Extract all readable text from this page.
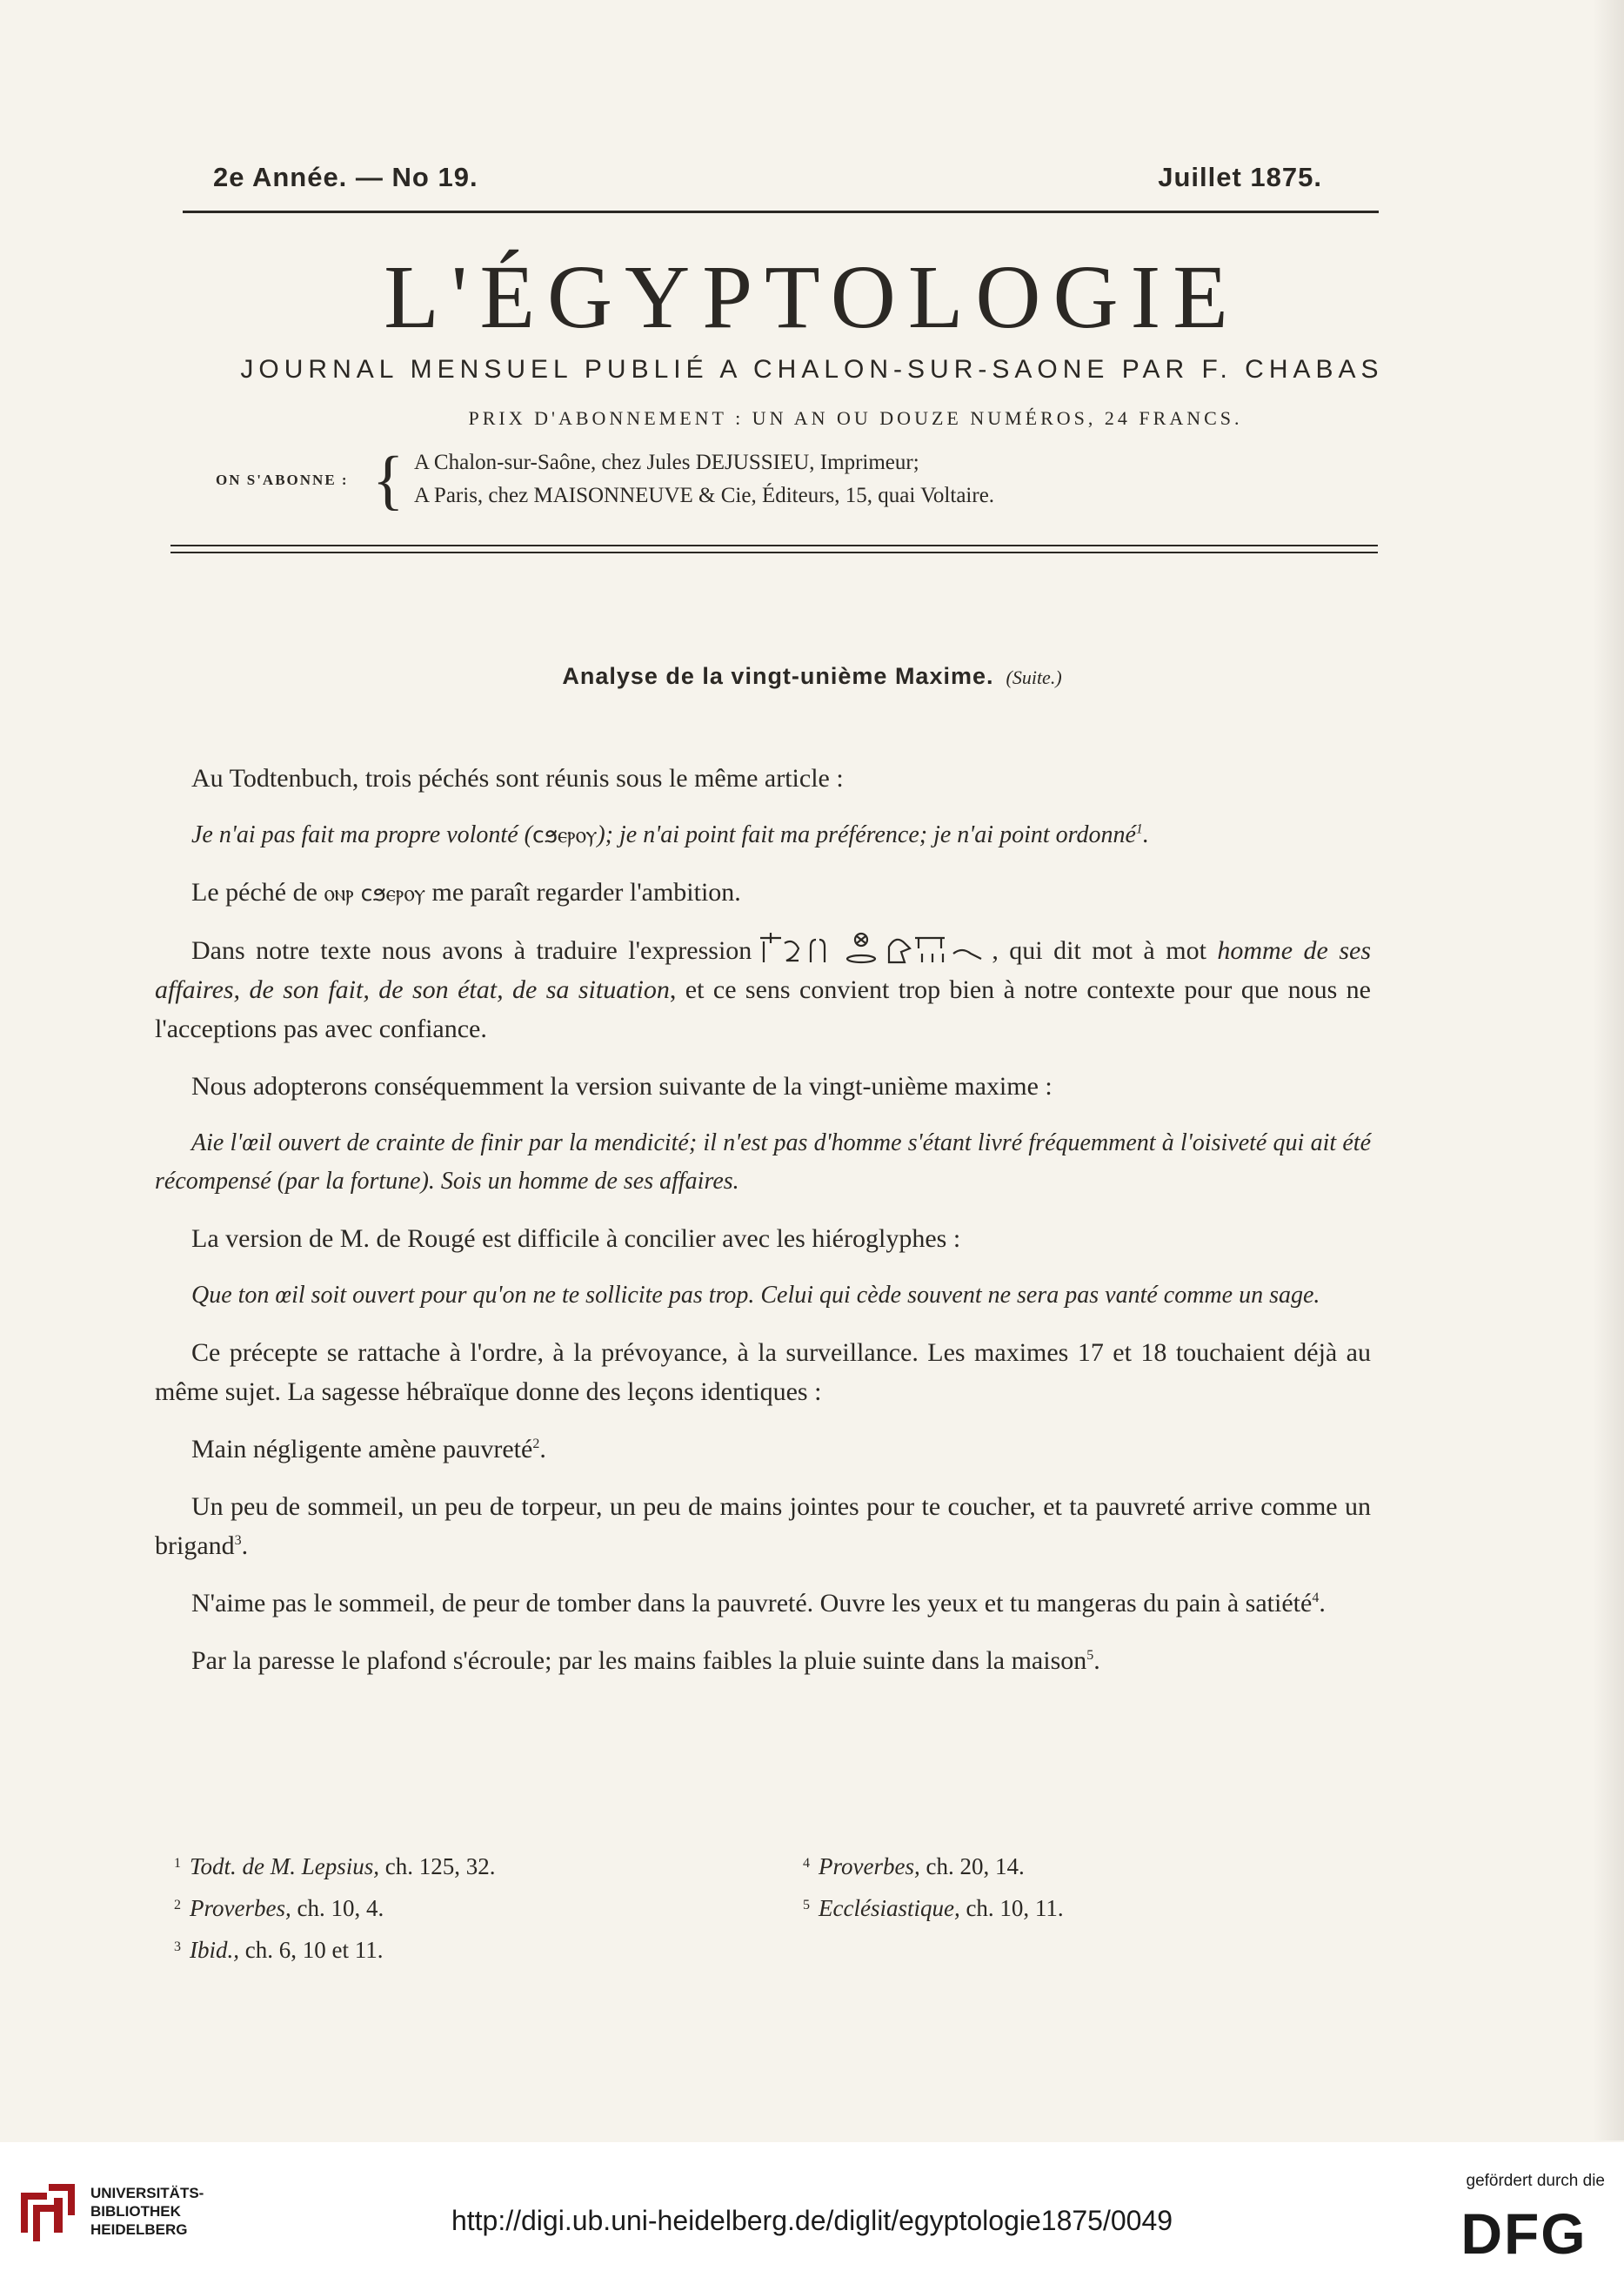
2e Année. — No 19.	Juillet 1875.
L'ÉGYPTOLOGIE
JOURNAL MENSUEL PUBLIÉ A CHALON-SUR-SAONE PAR F. CHABAS
PRIX D'ABONNEMENT : UN AN OU DOUZE NUMÉROS, 24 FRANCS.
ON S'ABONNE : { A Chalon-sur-Saône, chez Jules DEJUSSIEU, Imprimeur;
A Paris, chez MAISONNEUVE & Cie, Éditeurs, 15, quai Voltaire.
Analyse de la vingt-unième Maxime. (Suite.)

Au Todtenbuch, trois péchés sont réunis sous le même article :

Je n'ai pas fait ma propre volonté (ϲϧⲉⲣⲟⲩ); je n'ai point fait ma préférence; je n'ai point ordonné$^1$.

Le péché de ⲟⲛⲣ ϲϧⲉⲣⲟⲩ me paraît regarder l'ambition.

Dans notre texte nous avons à traduire l'expression	, qui dit mot à mot homme de ses affaires, de son fait, de son état, de sa situation, et ce sens convient trop bien à notre contexte pour que nous ne l'acceptions pas avec confiance.

Nous adopterons conséquemment la version suivante de la vingt-unième maxime :

Aie l'œil ouvert de crainte de finir par la mendicité; il n'est pas d'homme s'étant livré fréquemment à l'oisiveté qui ait été récompensé (par la fortune). Sois un homme de ses affaires.

La version de M. de Rougé est difficile à concilier avec les hiéroglyphes :

Que ton œil soit ouvert pour qu'on ne te sollicite pas trop. Celui qui cède souvent ne sera pas vanté comme un sage.

Ce précepte se rattache à l'ordre, à la prévoyance, à la surveillance. Les maximes 17 et 18 touchaient déjà au même sujet. La sagesse hébraïque donne des leçons identiques :

Main négligente amène pauvreté$^2$.

Un peu de sommeil, un peu de torpeur, un peu de mains jointes pour te coucher, et ta pauvreté arrive comme un brigand$^3$.

N'aime pas le sommeil, de peur de tomber dans la pauvreté. Ouvre les yeux et tu mangeras du pain à satiété$^4$.

Par la paresse le plafond s'écroule; par les mains faibles la pluie suinte dans la maison$^5$.

$^1$ Todt. de M. Lepsius, ch. 125, 32.
$^2$ Proverbes, ch. 10, 4.
$^3$ Ibid., ch. 6, 10 et 11.
$^4$ Proverbes, ch. 20, 14.
$^5$ Ecclésiastique, ch. 10, 11.
UNIVERSITÄTS-
BIBLIOTHEK
HEIDELBERG	http://digi.ub.uni-heidelberg.de/diglit/egyptologie1875/0049
gefördert durch die
DFG
